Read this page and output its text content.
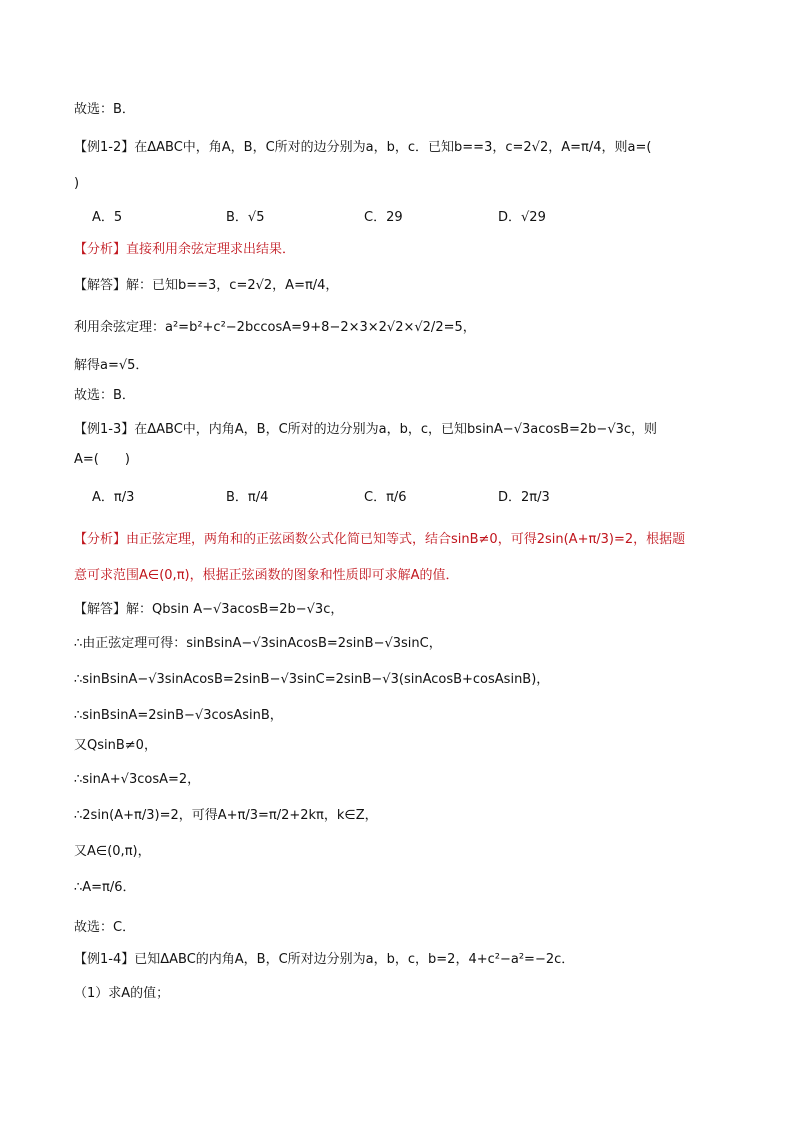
故选：B．
【例1-2】在ΔABC中，角A，B，C所对的边分别为a，b，c．已知b==3，c=2√2，A=π/4，则a=(
)
A．5	B．√5	C．29	D．√29
【分析】直接利用余弦定理求出结果．
【解答】解：已知b==3，c=2√2，A=π/4，
利用余弦定理：a²=b²+c²−2bccosA=9+8−2×3×2√2×√2/2=5，
解得a=√5．
故选：B．
【例1-3】在ΔABC中，内角A，B，C所对的边分别为a，b，c，已知bsinA−√3acosB=2b−√3c，则
A=(　　)
A．π/3	B．π/4	C．π/6	D．2π/3
【分析】由正弦定理，两角和的正弦函数公式化简已知等式，结合sinB≠0，可得2sin(A+π/3)=2，根据题
意可求范围A∈(0,π)，根据正弦函数的图象和性质即可求解A的值．
【解答】解：Qbsin A−√3acosB=2b−√3c，
∴由正弦定理可得：sinBsinA−√3sinAcosB=2sinB−√3sinC，
∴sinBsinA−√3sinAcosB=2sinB−√3sinC=2sinB−√3(sinAcosB+cosAsinB)，
∴sinBsinA=2sinB−√3cosAsinB，
又QsinB≠0，
∴sinA+√3cosA=2，
∴2sin(A+π/3)=2，可得A+π/3=π/2+2kπ，k∈Z，
又A∈(0,π)，
∴A=π/6．
故选：C．
【例1-4】已知ΔABC的内角A，B，C所对边分别为a，b，c，b=2，4+c²−a²=−2c．
（1）求A的值；
